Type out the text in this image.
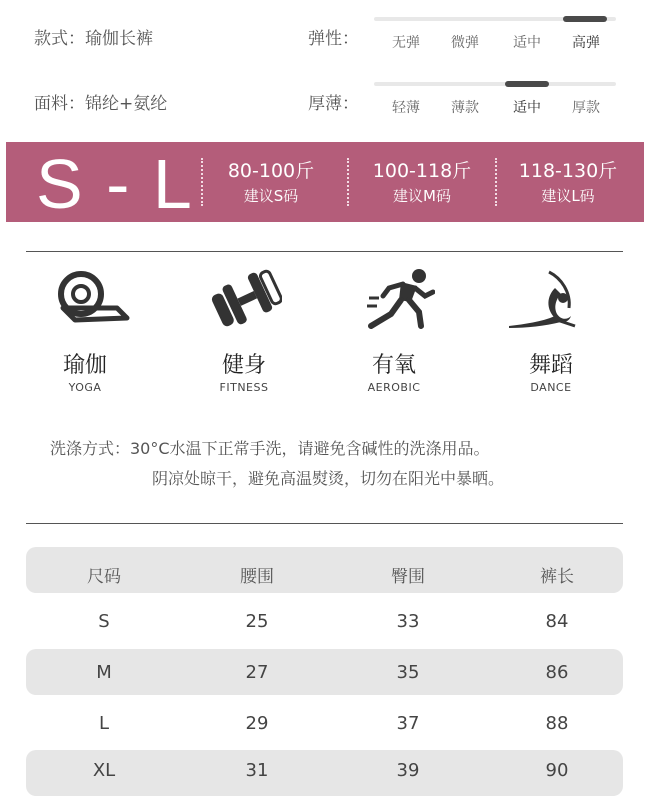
款式：瑜伽长裤
面料：锦纶+氨纶
弹性：	无弹	微弹	适中	高弹
厚薄：	轻薄	薄款	适中	厚款
S - L	80-100斤
建议S码
100-118斤
建议M码
118-130斤
建议L码
瑜伽
YOGA
健身
FITNESS
有氧
AEROBIC
舞蹈
DANCE
洗涤方式：30°C水温下正常手洗，请避免含碱性的洗涤用品。
阴凉处晾干，避免高温熨烫，切勿在阳光中暴晒。
尺码	腰围	臀围	裤长
S	25	33	84
M	27	35	86
L	29	37	88
XL	31	39	90
